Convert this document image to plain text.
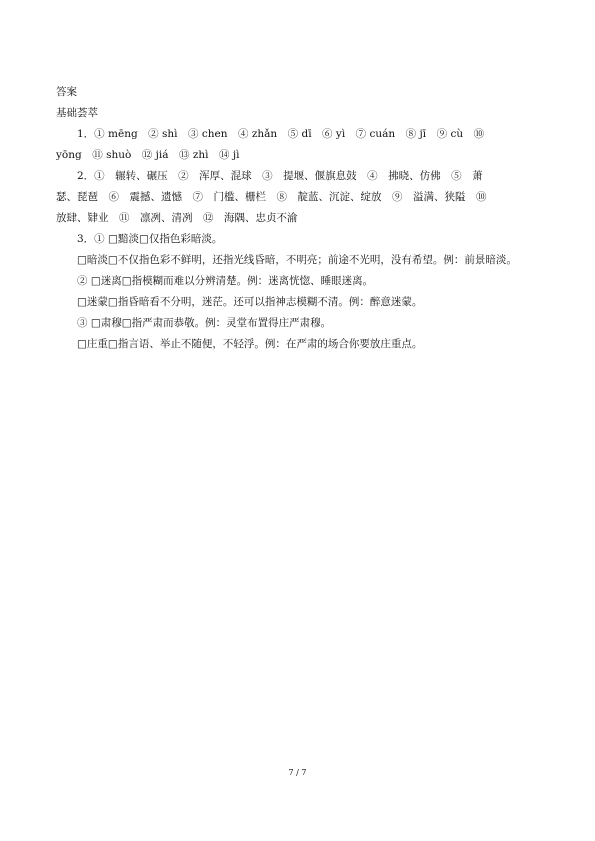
答案
基础荟萃
1．① mēng　② shì　③ chen　④ zhǎn　⑤ dī　⑥ yì　⑦ cuán　⑧ jī　⑨ cù　⑩
yōng　⑪ shuò　⑫ jiá　⑬ zhì　⑭ jì
2．①　辗转、碾压　②　浑厚、混球　③　提堰、偃旗息鼓　④　拂晓、仿佛　⑤　萧
瑟、琵琶　⑥　震撼、遗憾　⑦　门槛、栅栏　⑧　靛蓝、沉淀、绽放　⑨　溢满、狭隘　⑩
放肆、肄业　⑪　凛冽、清冽　⑫　海隅、忠贞不渝
3．① □黯淡□仅指色彩暗淡。
□暗淡□不仅指色彩不鲜明，还指光线昏暗，不明亮；前途不光明，没有希望。例：前景暗淡。
② □迷离□指模糊而难以分辨清楚。例：迷离恍惚、睡眼迷离。
□迷蒙□指昏暗看不分明，迷茫。还可以指神志模糊不清。例：醉意迷蒙。
③ □肃穆□指严肃而恭敬。例：灵堂布置得庄严肃穆。
□庄重□指言语、举止不随便，不轻浮。例：在严肃的场合你要放庄重点。
7 / 7
